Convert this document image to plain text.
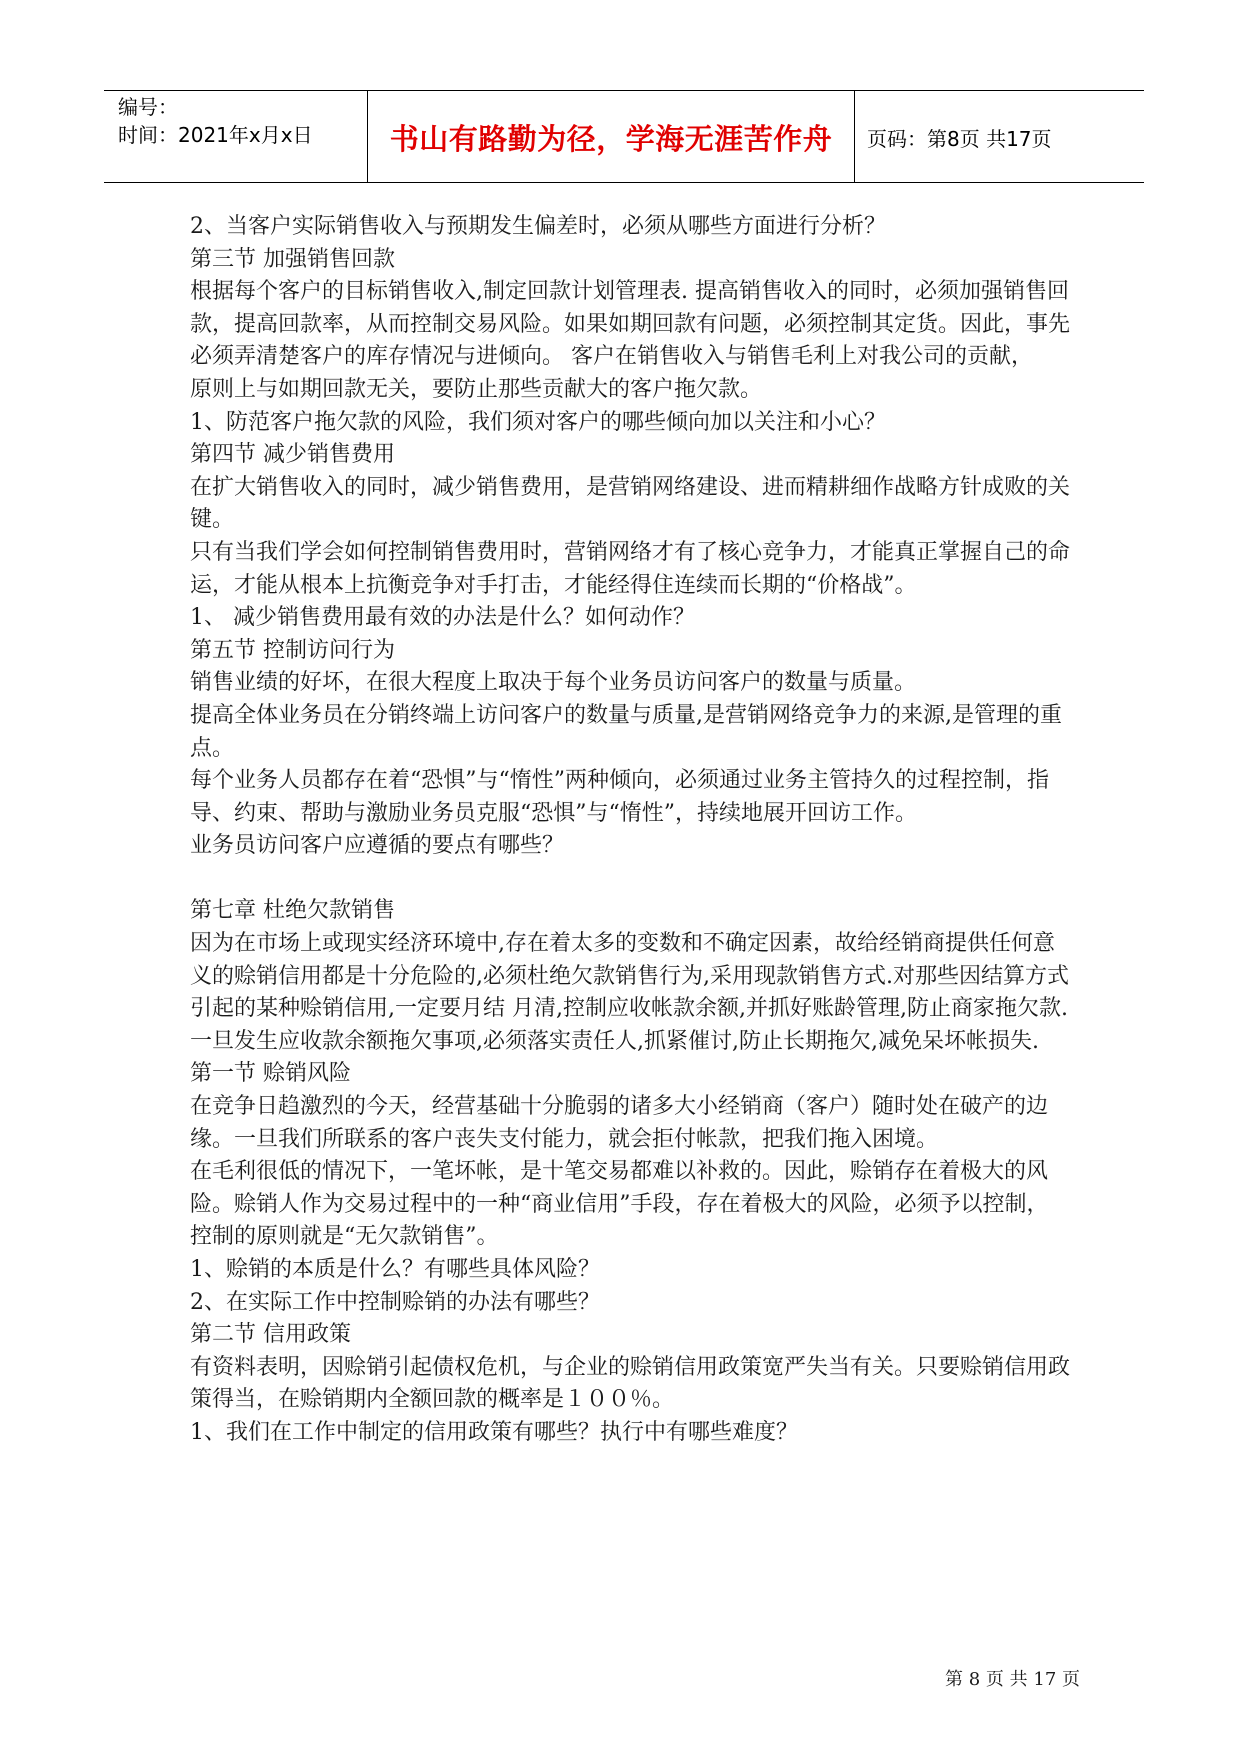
编号：
时间：2021年x月x日	书山有路勤为径，学海无涯苦作舟	页码：第8页 共17页

2、当客户实际销售收入与预期发生偏差时，必须从哪些方面进行分析？

第三节 加强销售回款

根据每个客户的目标销售收入,制定回款计划管理表. 提高销售收入的同时，必须加强销售回款，提高回款率，从而控制交易风险。如果如期回款有问题，必须控制其定货。因此，事先必须弄清楚客户的库存情况与进倾向。 客户在销售收入与销售毛利上对我公司的贡献，

原则上与如期回款无关，要防止那些贡献大的客户拖欠款。

1、防范客户拖欠款的风险，我们须对客户的哪些倾向加以关注和小心？

第四节 减少销售费用

在扩大销售收入的同时，减少销售费用，是营销网络建设、进而精耕细作战略方针成败的关键。

只有当我们学会如何控制销售费用时，营销网络才有了核心竞争力，才能真正掌握自己的命运，才能从根本上抗衡竞争对手打击，才能经得住连续而长期的“价格战”。

1、 减少销售费用最有效的办法是什么？如何动作？

第五节 控制访问行为

销售业绩的好坏，在很大程度上取决于每个业务员访问客户的数量与质量。

提高全体业务员在分销终端上访问客户的数量与质量,是营销网络竞争力的来源,是管理的重点。

每个业务人员都存在着“恐惧”与“惰性”两种倾向，必须通过业务主管持久的过程控制，指导、约束、帮助与激励业务员克服“恐惧”与“惰性”，持续地展开回访工作。

业务员访问客户应遵循的要点有哪些？

第七章 杜绝欠款销售

因为在市场上或现实经济环境中,存在着太多的变数和不确定因素，故给经销商提供任何意义的赊销信用都是十分危险的,必须杜绝欠款销售行为,采用现款销售方式.对那些因结算方式引起的某种赊销信用,一定要月结 月清,控制应收帐款余额,并抓好账龄管理,防止商家拖欠款.一旦发生应收款余额拖欠事项,必须落实责任人,抓紧催讨,防止长期拖欠,减免呆坏帐损失.

第一节 赊销风险

在竞争日趋激烈的今天，经营基础十分脆弱的诸多大小经销商（客户）随时处在破产的边缘。一旦我们所联系的客户丧失支付能力，就会拒付帐款，把我们拖入困境。

在毛利很低的情况下，一笔坏帐，是十笔交易都难以补救的。因此，赊销存在着极大的风险。赊销人作为交易过程中的一种“商业信用”手段，存在着极大的风险，必须予以控制，控制的原则就是“无欠款销售”。

1、赊销的本质是什么？有哪些具体风险？

2、在实际工作中控制赊销的办法有哪些？

第二节 信用政策

有资料表明，因赊销引起债权危机，与企业的赊销信用政策宽严失当有关。只要赊销信用政策得当，在赊销期内全额回款的概率是１００％。

1、我们在工作中制定的信用政策有哪些？执行中有哪些难度？

第 8 页 共 17 页
